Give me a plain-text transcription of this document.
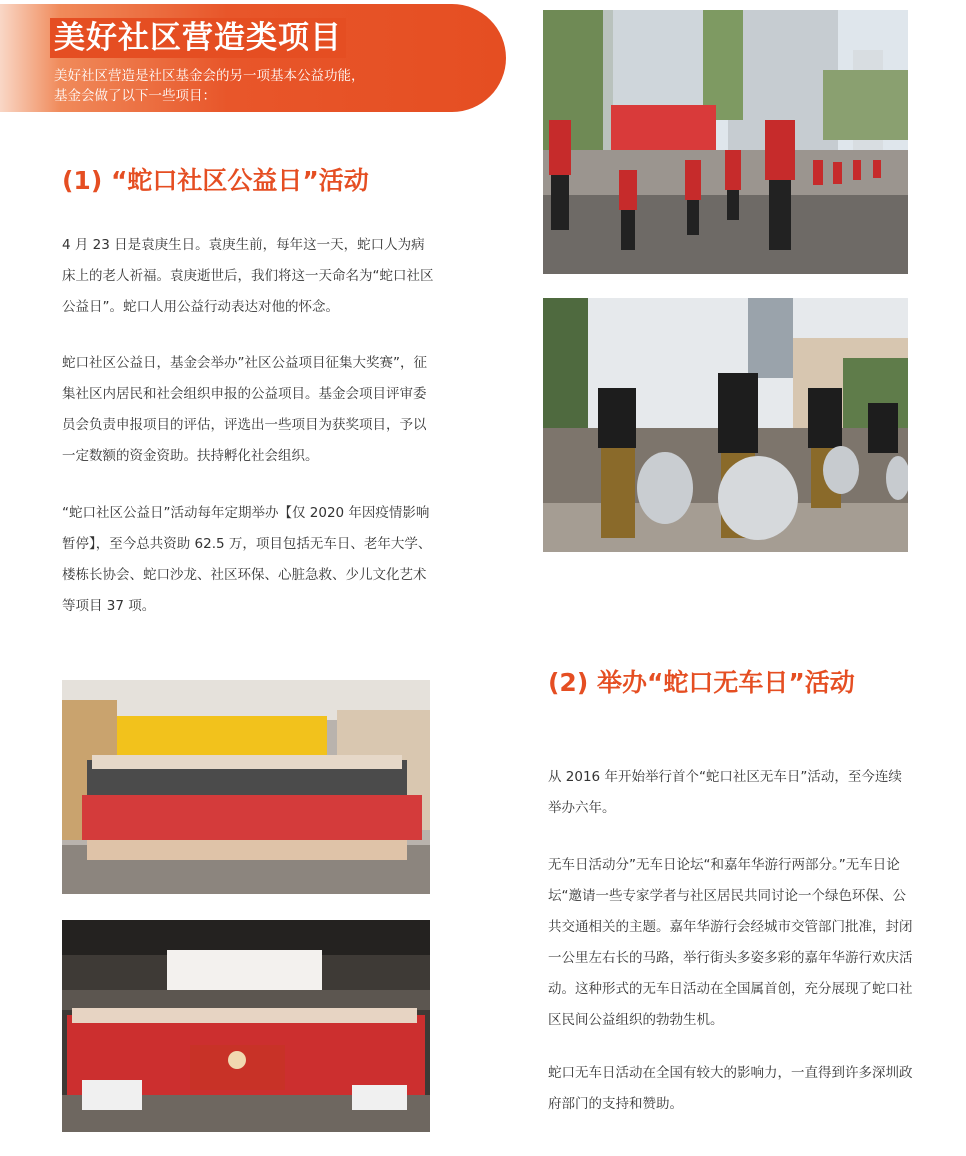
美好社区营造类项目
美好社区营造是社区基金会的另一项基本公益功能，
基金会做了以下一些项目：
(1) “蛇口社区公益日”活动
4 月 23 日是袁庚生日。袁庚生前，每年这一天，蛇口人为病床上的老人祈福。袁庚逝世后，我们将这一天命名为“蛇口社区公益日”。蛇口人用公益行动表达对他的怀念。
蛇口社区公益日，基金会举办”社区公益项目征集大奖赛”，征集社区内居民和社会组织申报的公益项目。基金会项目评审委员会负责申报项目的评估，评选出一些项目为获奖项目，予以一定数额的资金资助。扶持孵化社会组织。
“蛇口社区公益日”活动每年定期举办【仅 2020 年因疫情影响暂停】，至今总共资助 62.5 万，项目包括无车日、老年大学、楼栋长协会、蛇口沙龙、社区环保、心脏急救、少儿文化艺术等项目 37 项。
(2) 举办“蛇口无车日”活动
从 2016 年开始举行首个“蛇口社区无车日”活动，至今连续举办六年。
无车日活动分”无车日论坛“和嘉年华游行两部分。”无车日论坛“邀请一些专家学者与社区居民共同讨论一个绿色环保、公共交通相关的主题。嘉年华游行会经城市交管部门批准，封闭一公里左右长的马路，举行街头多姿多彩的嘉年华游行欢庆活动。这种形式的无车日活动在全国属首创，充分展现了蛇口社区民间公益组织的勃勃生机。
蛇口无车日活动在全国有较大的影响力，一直得到许多深圳政府部门的支持和赞助。
